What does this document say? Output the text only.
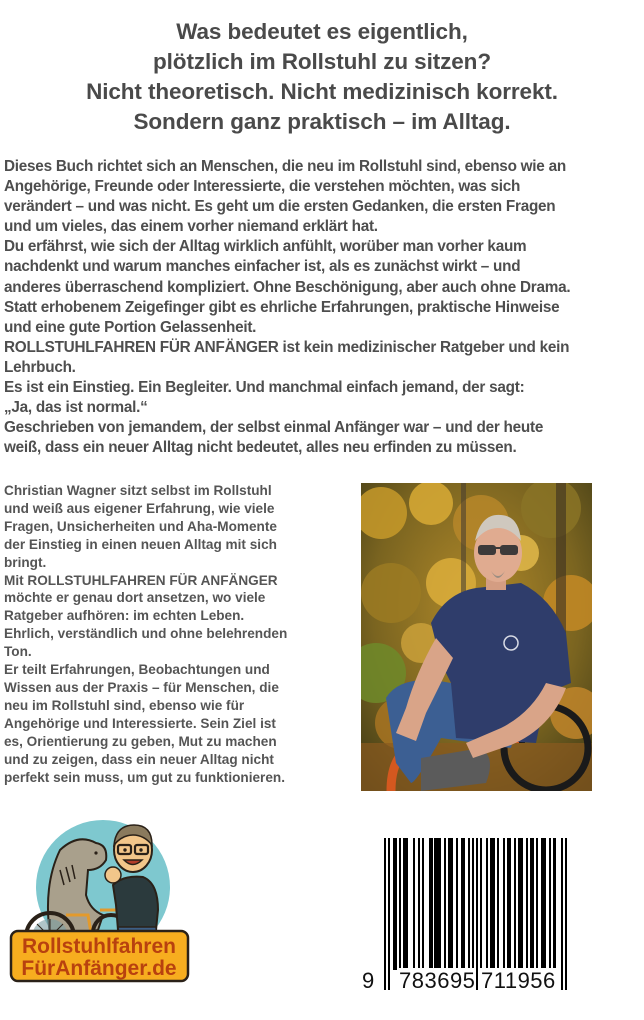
Was bedeutet es eigentlich,
plötzlich im Rollstuhl zu sitzen?
Nicht theoretisch. Nicht medizinisch korrekt.
Sondern ganz praktisch – im Alltag.
Dieses Buch richtet sich an Menschen, die neu im Rollstuhl sind, ebenso wie an
Angehörige, Freunde oder Interessierte, die verstehen möchten, was sich
verändert – und was nicht. Es geht um die ersten Gedanken, die ersten Fragen
und um vieles, das einem vorher niemand erklärt hat.
Du erfährst, wie sich der Alltag wirklich anfühlt, worüber man vorher kaum
nachdenkt und warum manches einfacher ist, als es zunächst wirkt – und
anderes überraschend kompliziert. Ohne Beschönigung, aber auch ohne Drama.
Statt erhobenem Zeigefinger gibt es ehrliche Erfahrungen, praktische Hinweise
und eine gute Portion Gelassenheit.
ROLLSTUHLFAHREN FÜR ANFÄNGER ist kein medizinischer Ratgeber und kein
Lehrbuch.
Es ist ein Einstieg. Ein Begleiter. Und manchmal einfach jemand, der sagt:
„Ja, das ist normal.“
Geschrieben von jemandem, der selbst einmal Anfänger war – und der heute
weiß, dass ein neuer Alltag nicht bedeutet, alles neu erfinden zu müssen.
Christian Wagner sitzt selbst im Rollstuhl
und weiß aus eigener Erfahrung, wie viele
Fragen, Unsicherheiten und Aha-Momente
der Einstieg in einen neuen Alltag mit sich
bringt.
Mit ROLLSTUHLFAHREN FÜR ANFÄNGER
möchte er genau dort ansetzen, wo viele
Ratgeber aufhören: im echten Leben.
Ehrlich, verständlich und ohne belehrenden
Ton.
Er teilt Erfahrungen, Beobachtungen und
Wissen aus der Praxis – für Menschen, die
neu im Rollstuhl sind, ebenso wie für
Angehörige und Interessierte. Sein Ziel ist
es, Orientierung zu geben, Mut zu machen
und zu zeigen, dass ein neuer Alltag nicht
perfekt sein muss, um gut zu funktionieren.
Rollstuhlfahren
FürAnfänger.de	9 783695 711956
